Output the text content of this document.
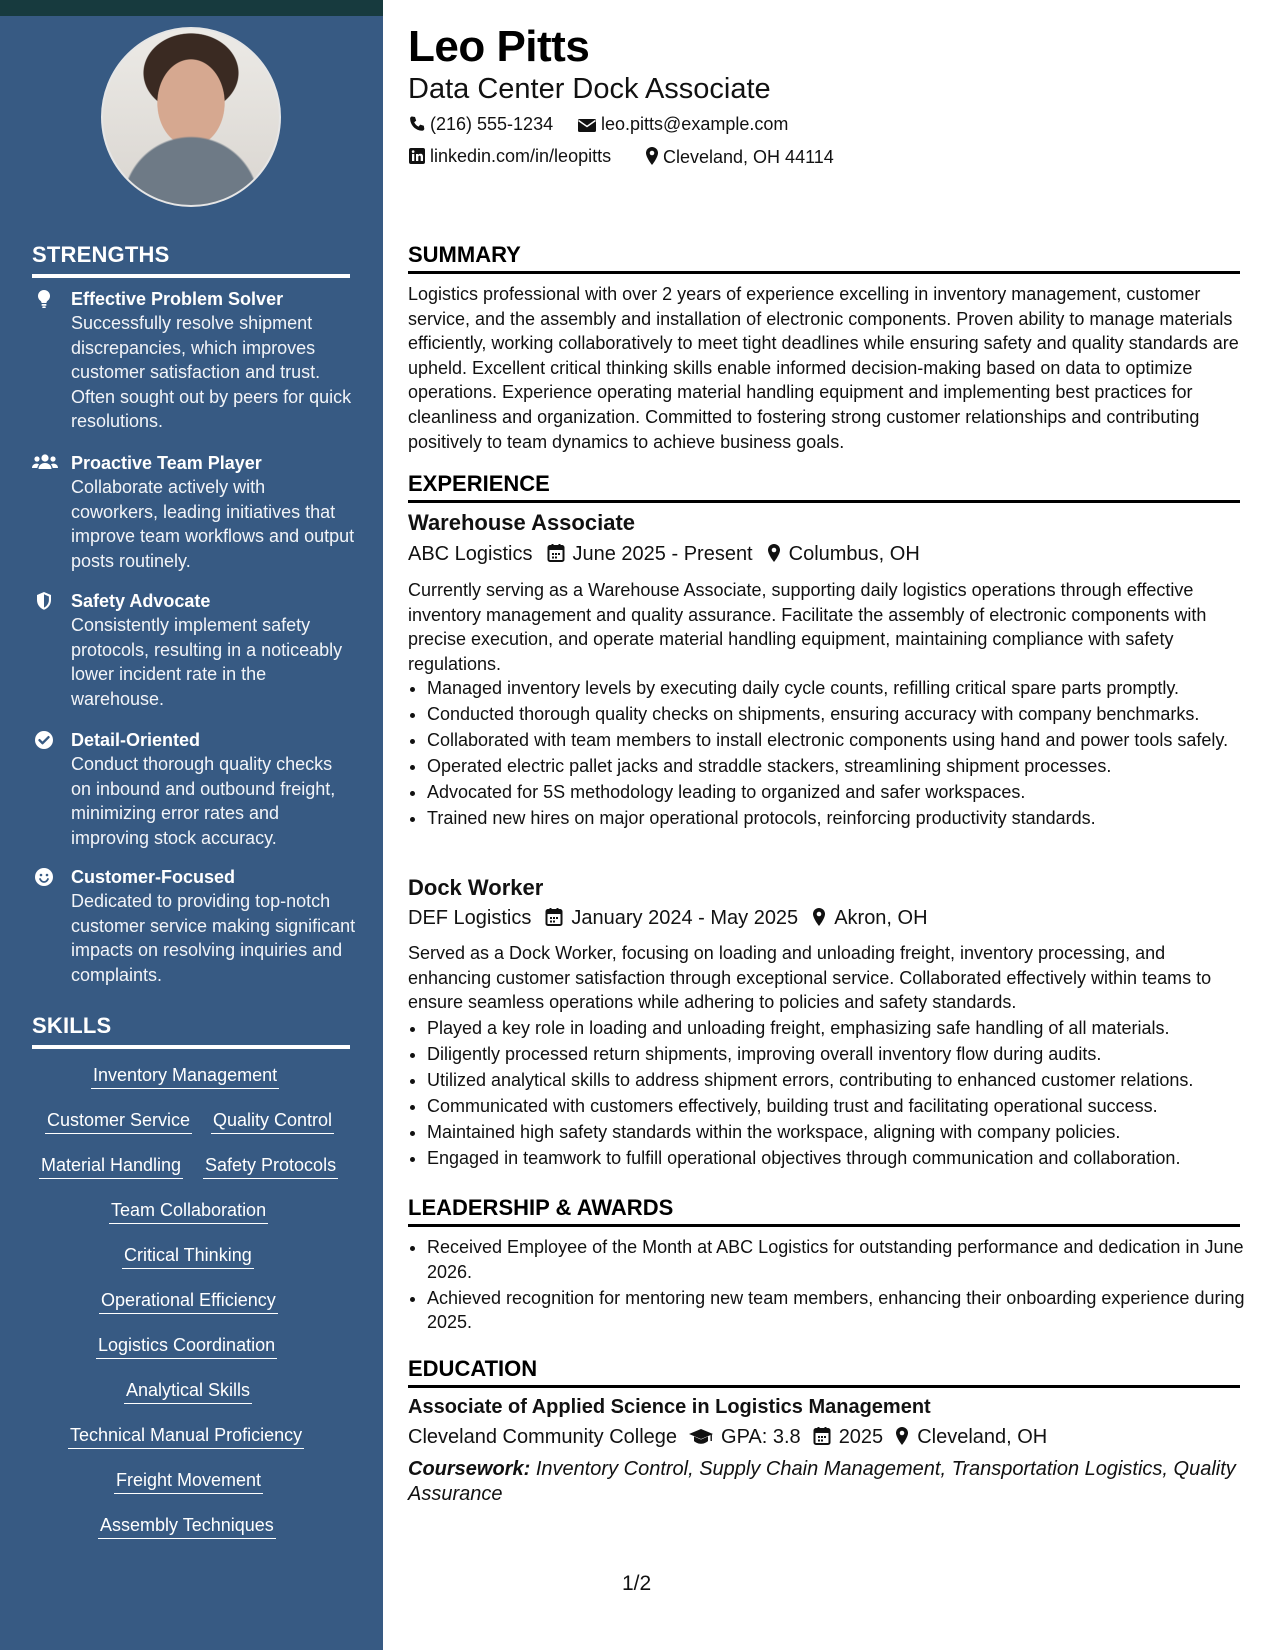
STRENGTHS
Effective Problem Solver
Successfully resolve shipment discrepancies, which improves customer satisfaction and trust. Often sought out by peers for quick resolutions.
Proactive Team Player
Collaborate actively with coworkers, leading initiatives that improve team workflows and output posts routinely.
Safety Advocate
Consistently implement safety protocols, resulting in a noticeably lower incident rate in the warehouse.
Detail-Oriented
Conduct thorough quality checks on inbound and outbound freight, minimizing error rates and improving stock accuracy.
Customer-Focused
Dedicated to providing top-notch customer service making significant impacts on resolving inquiries and complaints.
SKILLS
Inventory Management
Customer Service Quality Control
Material Handling Safety Protocols
Team Collaboration
Critical Thinking
Operational Efficiency
Logistics Coordination
Analytical Skills
Technical Manual Proficiency
Freight Movement
Assembly Techniques
Leo Pitts
Data Center Dock Associate
(216) 555-1234	leo.pitts@example.com
linkedin.com/in/leopitts	Cleveland, OH 44114
SUMMARY
Logistics professional with over 2 years of experience excelling in inventory management, customer service, and the assembly and installation of electronic components. Proven ability to manage materials efficiently, working collaboratively to meet tight deadlines while ensuring safety and quality standards are upheld. Excellent critical thinking skills enable informed decision-making based on data to optimize operations. Experience operating material handling equipment and implementing best practices for cleanliness and organization. Committed to fostering strong customer relationships and contributing positively to team dynamics to achieve business goals.
EXPERIENCE
Warehouse Associate
ABC Logistics June 2025 - Present Columbus, OH
Currently serving as a Warehouse Associate, supporting daily logistics operations through effective inventory management and quality assurance. Facilitate the assembly of electronic components with precise execution, and operate material handling equipment, maintaining compliance with safety regulations.
• Managed inventory levels by executing daily cycle counts, refilling critical spare parts promptly.
• Conducted thorough quality checks on shipments, ensuring accuracy with company benchmarks.
• Collaborated with team members to install electronic components using hand and power tools safely.
• Operated electric pallet jacks and straddle stackers, streamlining shipment processes.
• Advocated for 5S methodology leading to organized and safer workspaces.
• Trained new hires on major operational protocols, reinforcing productivity standards.
Dock Worker
DEF Logistics January 2024 - May 2025 Akron, OH
Served as a Dock Worker, focusing on loading and unloading freight, inventory processing, and enhancing customer satisfaction through exceptional service. Collaborated effectively within teams to ensure seamless operations while adhering to policies and safety standards.
• Played a key role in loading and unloading freight, emphasizing safe handling of all materials.
• Diligently processed return shipments, improving overall inventory flow during audits.
• Utilized analytical skills to address shipment errors, contributing to enhanced customer relations.
• Communicated with customers effectively, building trust and facilitating operational success.
• Maintained high safety standards within the workspace, aligning with company policies.
• Engaged in teamwork to fulfill operational objectives through communication and collaboration.
LEADERSHIP & AWARDS
• Received Employee of the Month at ABC Logistics for outstanding performance and dedication in June 2026.
• Achieved recognition for mentoring new team members, enhancing their onboarding experience during 2025.
EDUCATION
Associate of Applied Science in Logistics Management
Cleveland Community College GPA: 3.8 2025 Cleveland, OH
Coursework: Inventory Control, Supply Chain Management, Transportation Logistics, Quality Assurance
1/2
